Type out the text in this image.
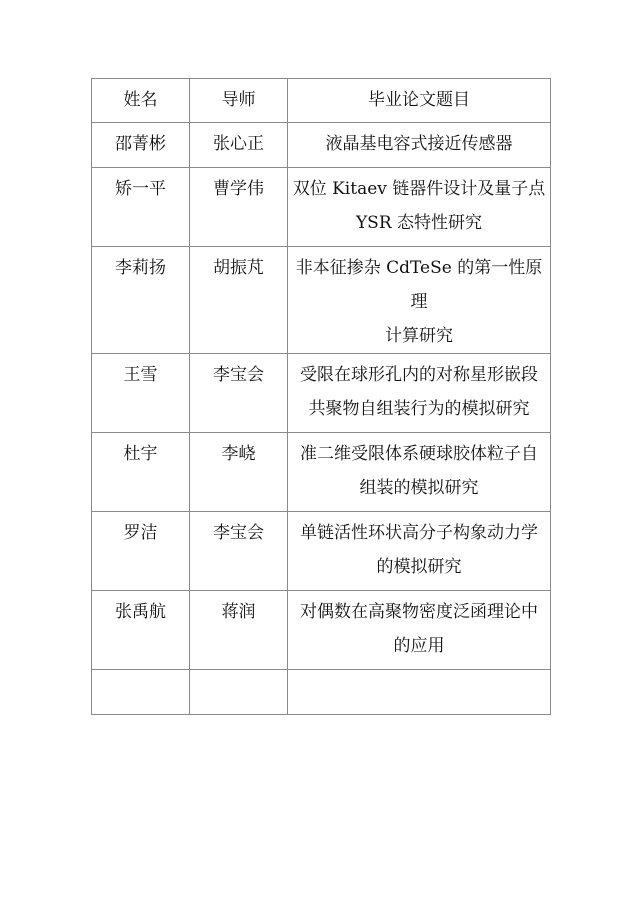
姓名	导师	毕业论文题目
邵菁彬	张心正	液晶基电容式接近传感器

矫一平	曹学伟	双位 Kitaev 链器件设计及量子点
YSR 态特性研究

李莉扬	胡振芃	非本征掺杂 CdTeSe 的第一性原理
计算研究

王雪	李宝会	受限在球形孔内的对称星形嵌段
共聚物自组装行为的模拟研究

杜宇	李峣	准二维受限体系硬球胶体粒子自
组装的模拟研究

罗洁	李宝会	单链活性环状高分子构象动力学
的模拟研究

张禹航	蒋润	对偶数在高聚物密度泛函理论中
的应用
